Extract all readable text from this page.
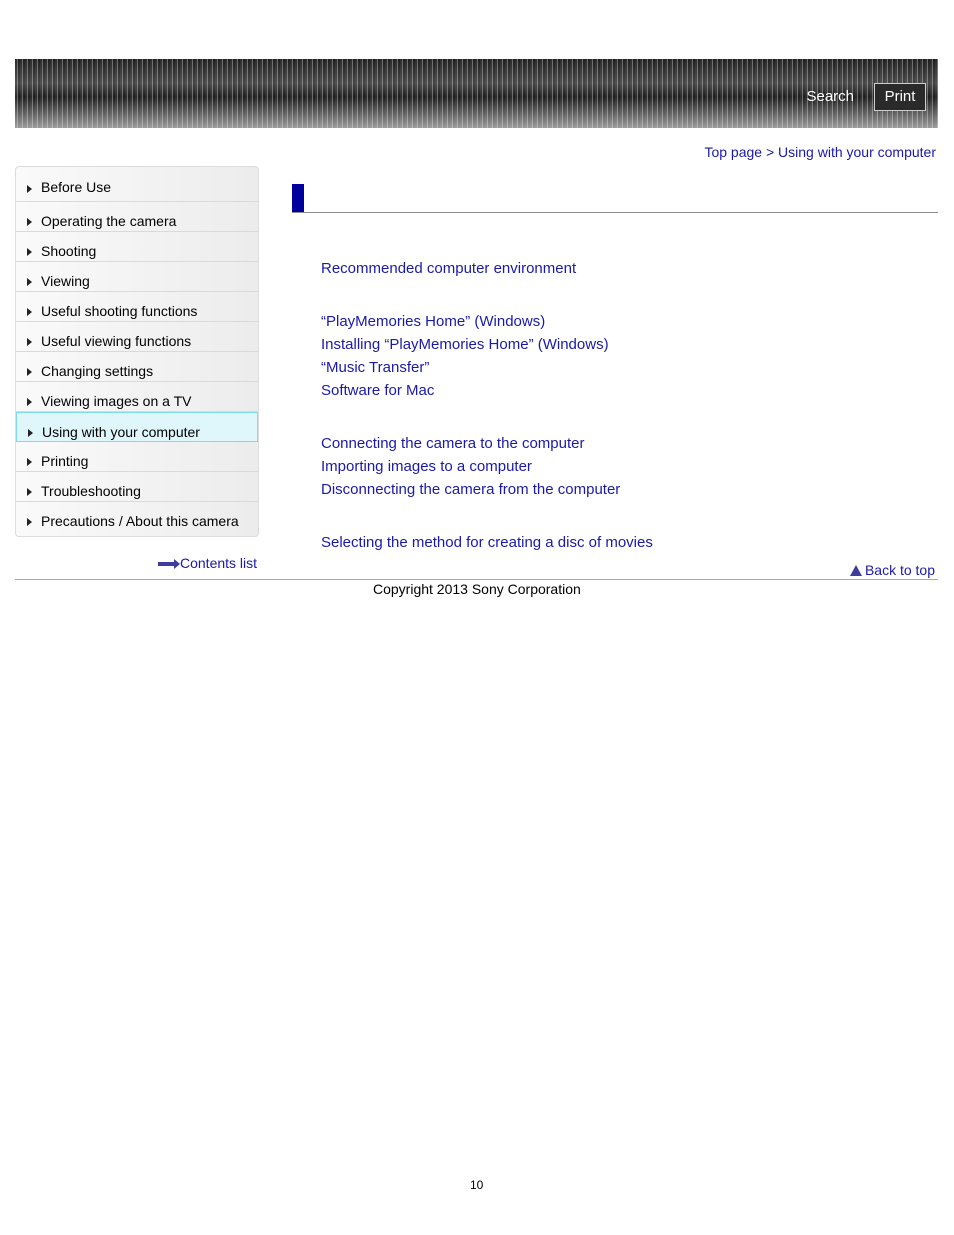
Search	Print
Top page > Using with your computer
Before Use
Operating the camera
Shooting
Viewing
Useful shooting functions
Useful viewing functions
Changing settings
Viewing images on a TV
Using with your computer
Printing
Troubleshooting
Precautions / About this camera
Contents list
Recommended computer environment
“PlayMemories Home” (Windows)
Installing “PlayMemories Home” (Windows)
“Music Transfer”
Software for Mac
Connecting the camera to the computer
Importing images to a computer
Disconnecting the camera from the computer
Selecting the method for creating a disc of movies
Back to top
Copyright 2013 Sony Corporation
10
